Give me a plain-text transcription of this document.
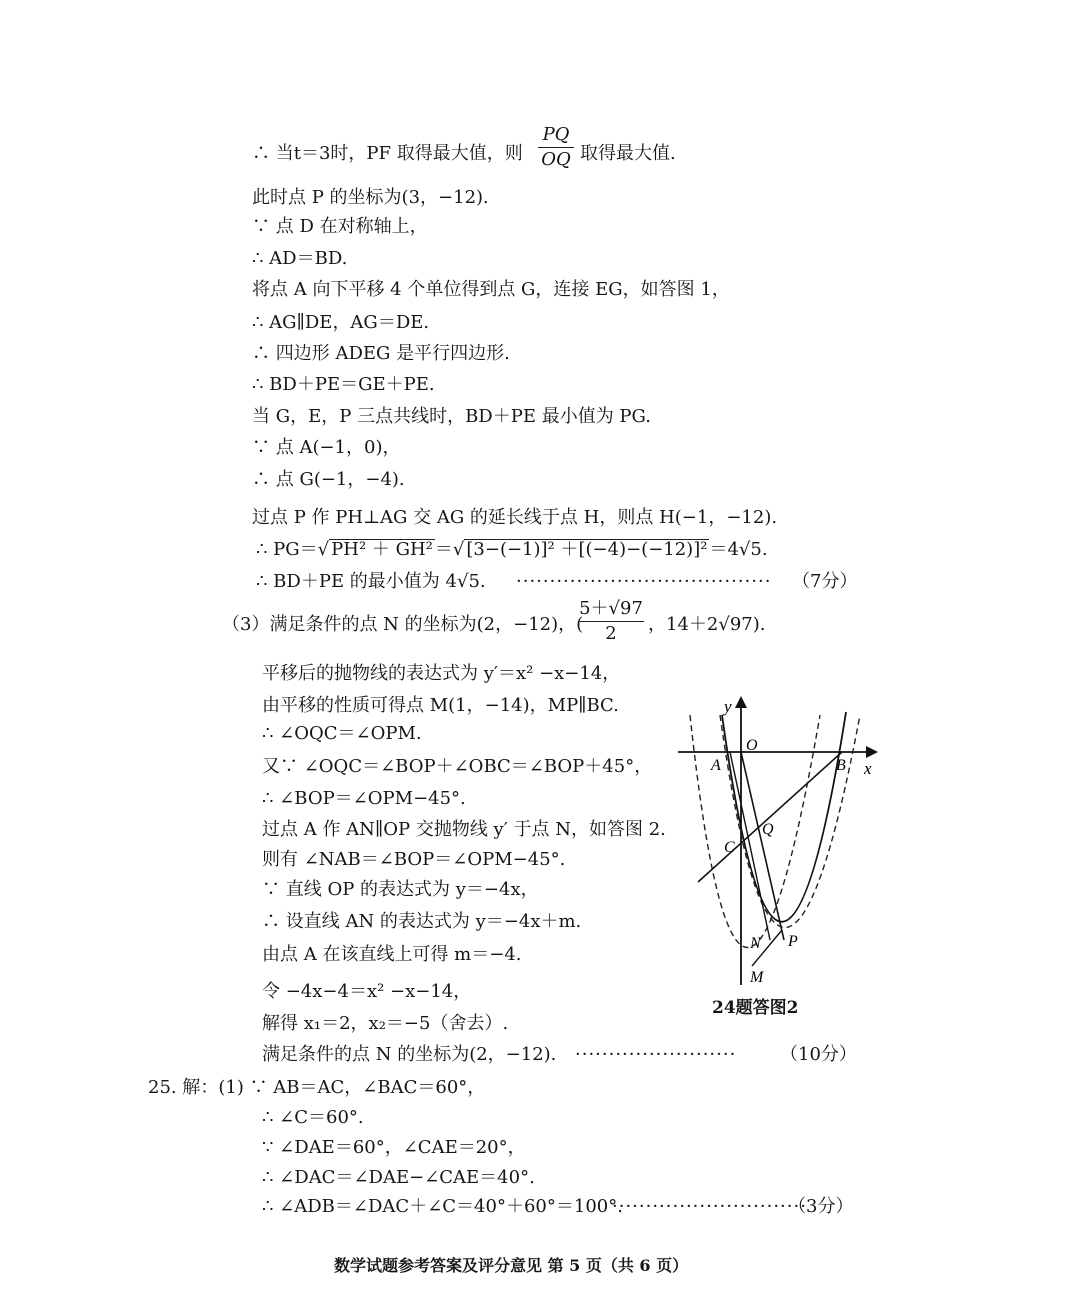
∴ 当t＝3时，PF 取得最大值，则
PQ
OQ 取得最大值.
此时点 P 的坐标为(3，−12).
∵ 点 D 在对称轴上，
∴ AD＝BD.
将点 A 向下平移 4 个单位得到点 G，连接 EG，如答图 1，
∴ AG∥DE，AG＝DE.
∴ 四边形 ADEG 是平行四边形.
∴ BD＋PE＝GE＋PE.
当 G，E，P 三点共线时，BD＋PE 最小值为 PG.
∵ 点 A(−1，0)，
∴ 点 G(−1，−4).
过点 P 作 PH⊥AG 交 AG 的延长线于点 H，则点 H(−1，−12).
∴ PG＝√ PH² ＋ GH² ＝√ [3−(−1)]² ＋[(−4)−(−12)]² ＝4√5.
∴ BD＋PE 的最小值为 4√5. ······································ （7分）
（3）满足条件的点 N 的坐标为(2，−12)，(
5＋√97
2	，14＋2√97).
平移后的抛物线的表达式为 y′＝x² −x−14，
由平移的性质可得点 M(1，−14)，MP∥BC.
∴ ∠OQC＝∠OPM.
又∵ ∠OQC＝∠BOP＋∠OBC＝∠BOP＋45°，
∴ ∠BOP＝∠OPM−45°.
过点 A 作 AN∥OP 交抛物线 y′ 于点 N，如答图 2.
则有 ∠NAB＝∠BOP＝∠OPM−45°.
∵ 直线 OP 的表达式为 y＝−4x，
∴ 设直线 AN 的表达式为 y＝−4x＋m.
由点 A 在该直线上可得 m＝−4.
令 −4x−4＝x² −x−14，
解得 x₁＝2，x₂＝−5（舍去）.
满足条件的点 N 的坐标为(2，−12). ························ （10分）
25. 解：(1) ∵ AB＝AC，∠BAC＝60°，
∴ ∠C＝60°.
∵ ∠DAE＝60°，∠CAE＝20°，
∴ ∠DAC＝∠DAE−∠CAE＝40°.
∴ ∠ADB＝∠DAC＋∠C＝40°＋60°＝100°.
·····························
（3分）
y
x
O
A	B
C
Q
N P
M
24题答图2
数学试题参考答案及评分意见 第 5 页（共 6 页）
